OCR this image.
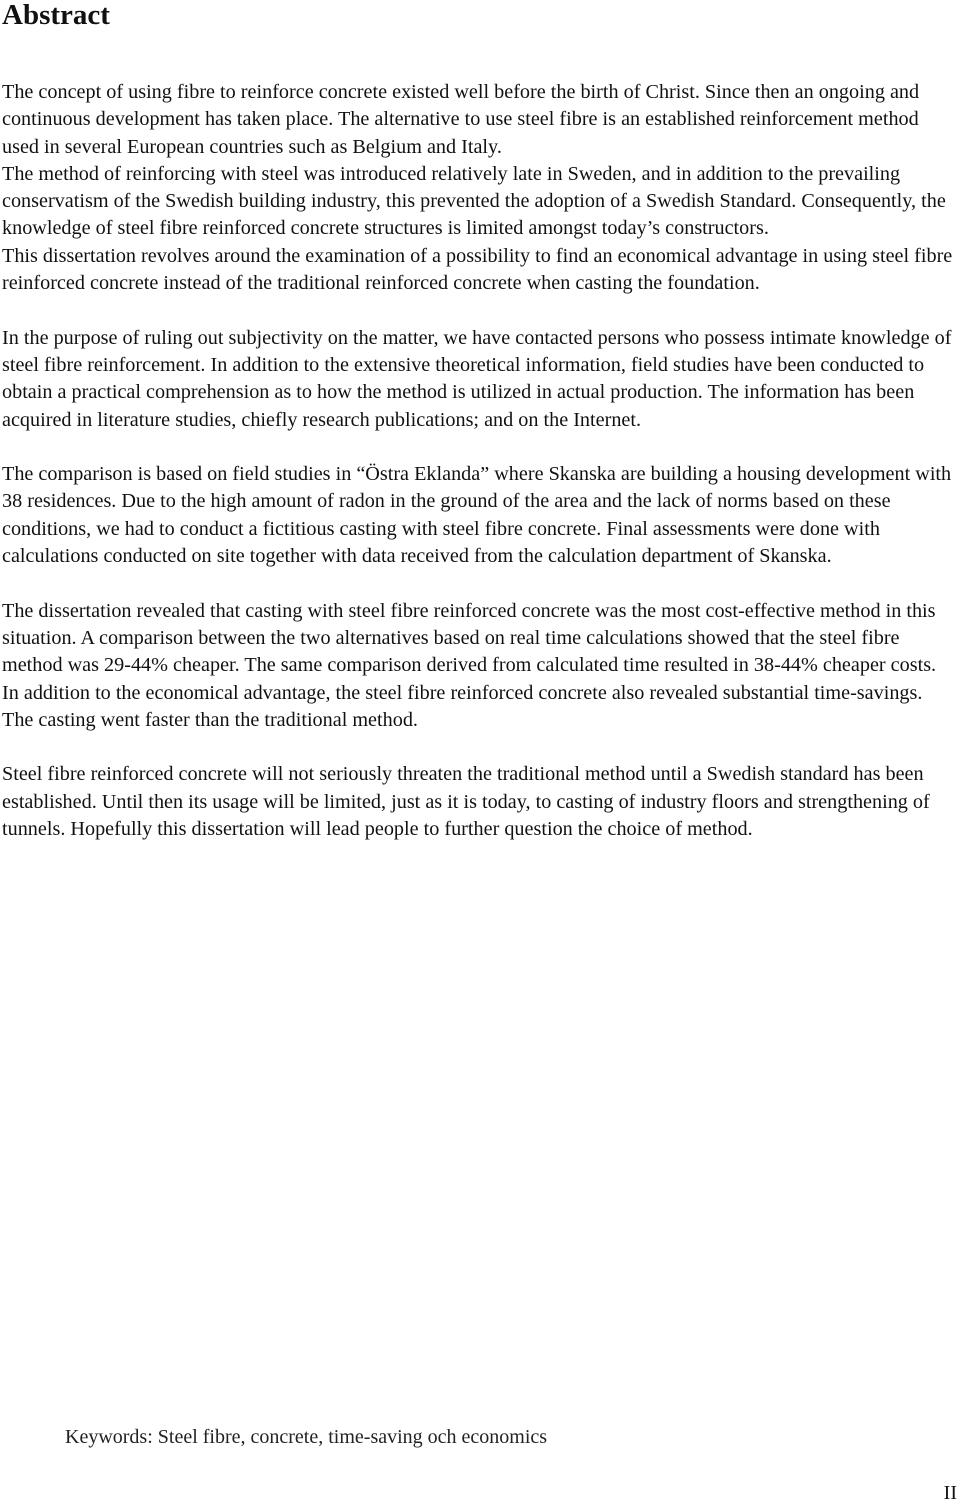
Abstract

The concept of using fibre to reinforce concrete existed well before the birth of Christ. Since then an ongoing and continuous development has taken place. The alternative to use steel fibre is an established reinforcement method used in several European countries such as Belgium and Italy.
The method of reinforcing with steel was introduced relatively late in Sweden, and in addition to the prevailing conservatism of the Swedish building industry, this prevented the adoption of a Swedish Standard. Consequently, the knowledge of steel fibre reinforced concrete structures is limited amongst today’s constructors.
This dissertation revolves around the examination of a possibility to find an economical advantage in using steel fibre reinforced concrete instead of the traditional reinforced concrete when casting the foundation.

In the purpose of ruling out subjectivity on the matter, we have contacted persons who possess intimate knowledge of steel fibre reinforcement. In addition to the extensive theoretical information, field studies have been conducted to obtain a practical comprehension as to how the method is utilized in actual production. The information has been acquired in literature studies, chiefly research publications; and on the Internet.

The comparison is based on field studies in “Östra Eklanda” where Skanska are building a housing development with 38 residences. Due to the high amount of radon in the ground of the area and the lack of norms based on these conditions, we had to conduct a fictitious casting with steel fibre concrete. Final assessments were done with calculations conducted on site together with data received from the calculation department of Skanska.

The dissertation revealed that casting with steel fibre reinforced concrete was the most cost-effective method in this situation. A comparison between the two alternatives based on real time calculations showed that the steel fibre method was 29-44% cheaper. The same comparison derived from calculated time resulted in 38-44% cheaper costs. In addition to the economical advantage, the steel fibre reinforced concrete also revealed substantial time-savings. The casting went faster than the traditional method.

Steel fibre reinforced concrete will not seriously threaten the traditional method until a Swedish standard has been established. Until then its usage will be limited, just as it is today, to casting of industry floors and strengthening of tunnels. Hopefully this dissertation will lead people to further question the choice of method.

Keywords: Steel fibre, concrete, time-saving och economics
II
